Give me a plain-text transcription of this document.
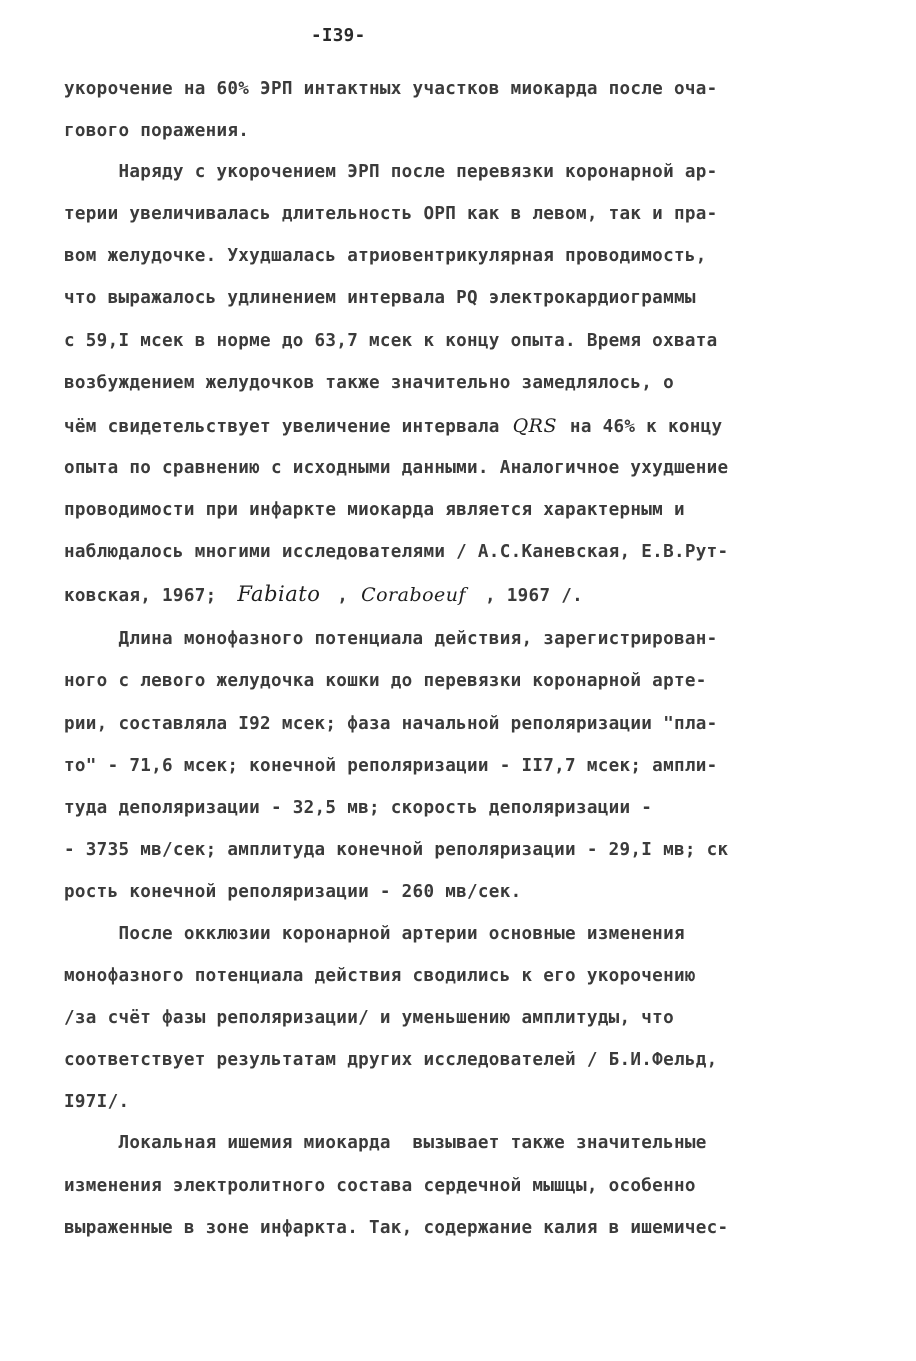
-I39-
укорочение на 60% ЭРП интактных участков миокарда после оча-
гового поражения.
Наряду с укорочением ЭРП после перевязки коронарной ар-
терии увеличивалась длительность ОРП как в левом, так и пра-
вом желудочке. Ухудшалась атриовентрикулярная проводимость,
что выражалось удлинением интервала PQ электрокардиограммы
с 59,I мсек в норме до 63,7 мсек к концу опыта. Время охвата
возбуждением желудочков также значительно замедлялось, о
чём свидетельствует увеличение интервала QRS на 46% к концу
опыта по сравнению с исходными данными. Аналогичное ухудшение
проводимости при инфаркте миокарда является характерным и
наблюдалось многими исследователями / А.С.Каневская, Е.В.Рут-
ковская, 1967; Fabiato , Coraboeuf , 1967 /.
Длина монофазного потенциала действия, зарегистрирован-
ного с левого желудочка кошки до перевязки коронарной арте-
рии, составляла I92 мсек; фаза начальной реполяризации "пла-
то" - 71,6 мсек; конечной реполяризации - II7,7 мсек; ампли-
туда деполяризации - 32,5 мв; скорость деполяризации -
- 3735 мв/сек; амплитуда конечной реполяризации - 29,I мв; ск
рость конечной реполяризации - 260 мв/сек.
После окклюзии коронарной артерии основные изменения
монофазного потенциала действия сводились к его укорочению
/за счёт фазы реполяризации/ и уменьшению амплитуды, что
соответствует результатам других исследователей / Б.И.Фельд,
I97I/.
Локальная ишемия миокарда  вызывает также значительные
изменения электролитного состава сердечной мышцы, особенно
выраженные в зоне инфаркта. Так, содержание калия в ишемичес-
